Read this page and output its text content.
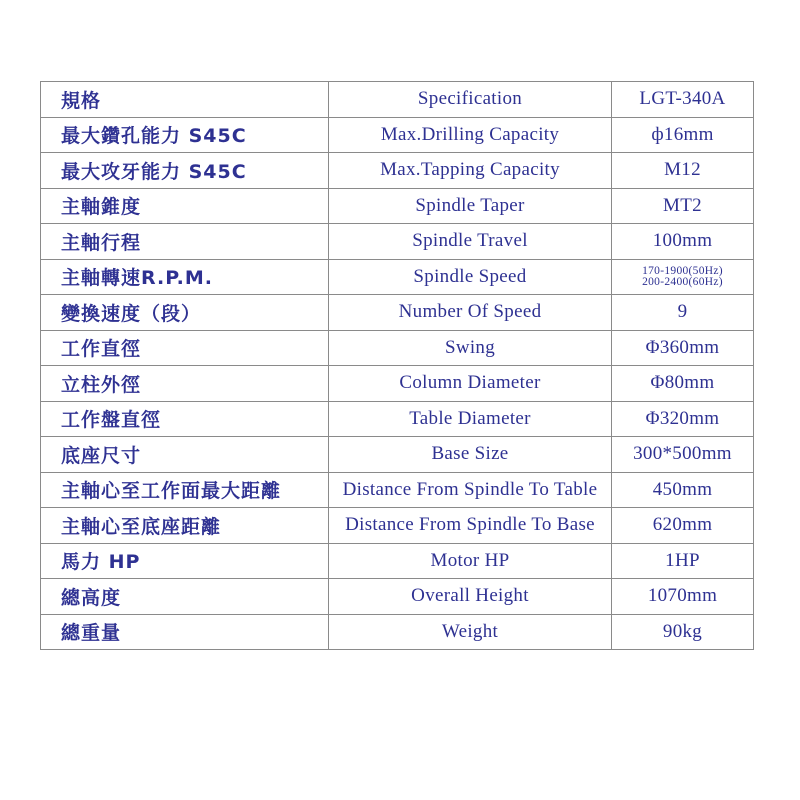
規格	Specification	LGT-340A
最大鑽孔能力 S45C	Max.Drilling Capacity	ф16mm
最大攻牙能力 S45C	Max.Tapping Capacity	M12
主軸錐度	Spindle Taper	MT2
主軸行程	Spindle Travel	100mm
主軸轉速R.P.M.	Spindle Speed	170-1900(50Hz)
200-2400(60Hz)

變換速度（段）	Number Of Speed	9
工作直徑	Swing	Φ360mm
立柱外徑	Column Diameter	Φ80mm
工作盤直徑	Table Diameter	Φ320mm
底座尺寸	Base Size	300*500mm
主軸心至工作面最大距離	Distance From Spindle To Table	450mm
主軸心至底座距離	Distance From Spindle To Base	620mm
馬力 HP	Motor HP	1HP
總高度	Overall Height	1070mm
總重量	Weight	90kg
